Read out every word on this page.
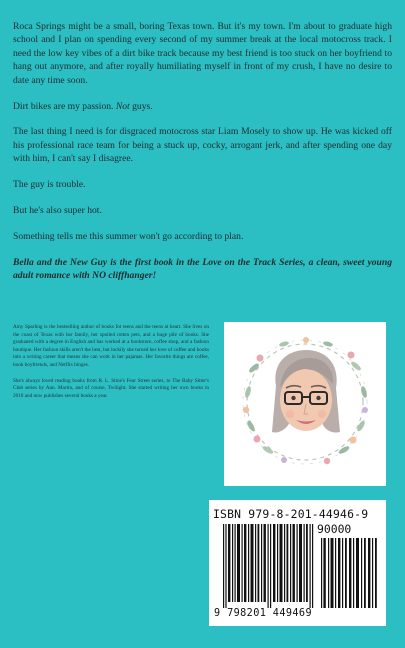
Roca Springs might be a small, boring Texas town. But it's my town. I'm about to graduate high school and I plan on spending every second of my summer break at the local motocross track. I need the low key vibes of a dirt bike track because my best friend is too stuck on her boyfriend to hang out anymore, and after royally humiliating myself in front of my crush, I have no desire to date any time soon.

Dirt bikes are my passion. Not guys.

The last thing I need is for disgraced motocross star Liam Mosely to show up. He was kicked off his professional race team for being a stuck up, cocky, arrogant jerk, and after spending one day with him, I can't say I disagree.

The guy is trouble.

But he's also super hot.

Something tells me this summer won't go according to plan.

Bella and the New Guy is the first book in the Love on the Track Series, a clean, sweet young adult romance with NO cliffhanger!

Amy Sparling is the bestselling author of books for teens and the teens at heart. She lives on the coast of Texas with her family, her spoiled rotten pets, and a huge pile of books. She graduated with a degree in English and has worked at a bookstore, coffee shop, and a fashion boutique. Her fashion skills aren't the best, but luckily she turned her love of coffee and books into a writing career that means she can work in her pajamas. Her favorite things are coffee, book boyfriends, and Netflix binges.

She's always loved reading books from R. L. Stine's Fear Street series, to The Baby Sitter's Club series by Ann. Martin, and of course, Twilight. She started writing her own books in 2010 and now publishes several books a year.

ISBN 979-8-201-44946-9
90000
9 798201 449469
